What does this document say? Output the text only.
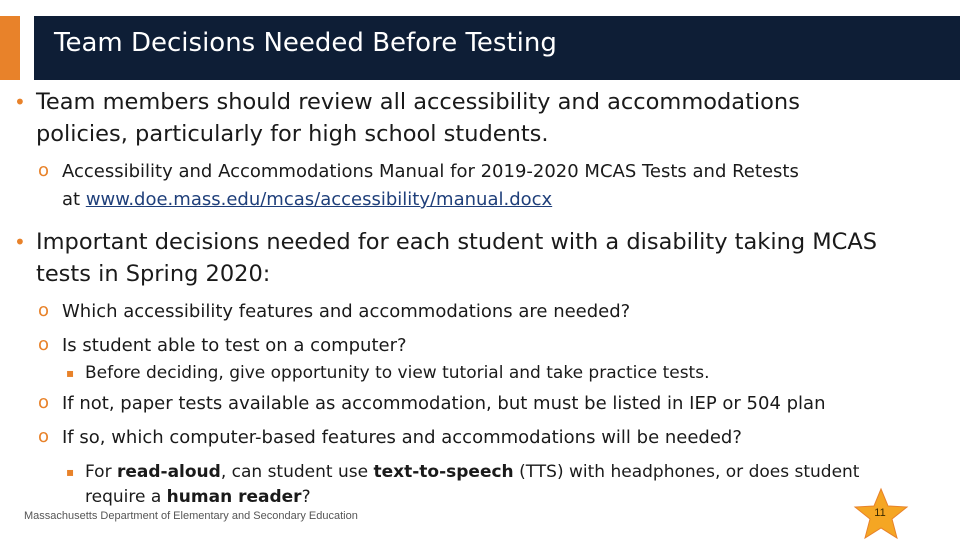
Team Decisions Needed Before Testing
• Team members should review all accessibility and accommodations
policies, particularly for high school students.
o Accessibility and Accommodations Manual for 2019-2020 MCAS Tests and Retests
at www.doe.mass.edu/mcas/accessibility/manual.docx
• Important decisions needed for each student with a disability taking MCAS
tests in Spring 2020:
o Which accessibility features and accommodations are needed?
o Is student able to test on a computer?
▪ Before deciding, give opportunity to view tutorial and take practice tests.
o If not, paper tests available as accommodation, but must be listed in IEP or 504 plan
o If so, which computer-based features and accommodations will be needed?
▪ For read-aloud, can student use text-to-speech (TTS) with headphones, or does student
require a human reader?
Massachusetts Department of Elementary and Secondary Education	11
